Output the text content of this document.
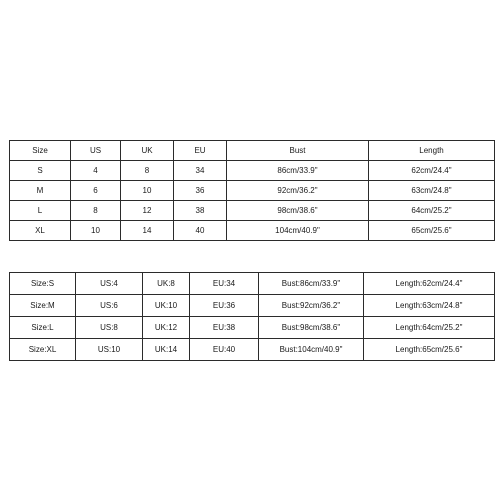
Size	US	UK	EU	Bust	Length
S	4	8	34	86cm/33.9"	62cm/24.4"
M	6	10	36	92cm/36.2"	63cm/24.8"
L	8	12	38	98cm/38.6"	64cm/25.2"
XL	10	14	40	104cm/40.9"	65cm/25.6"
Size:S	US:4	UK:8	EU:34	Bust:86cm/33.9"	Length:62cm/24.4"
Size:M	US:6	UK:10	EU:36	Bust:92cm/36.2"	Length:63cm/24.8"
Size:L	US:8	UK:12	EU:38	Bust:98cm/38.6"	Length:64cm/25.2"
Size:XL	US:10	UK:14	EU:40	Bust:104cm/40.9"	Length:65cm/25.6"
